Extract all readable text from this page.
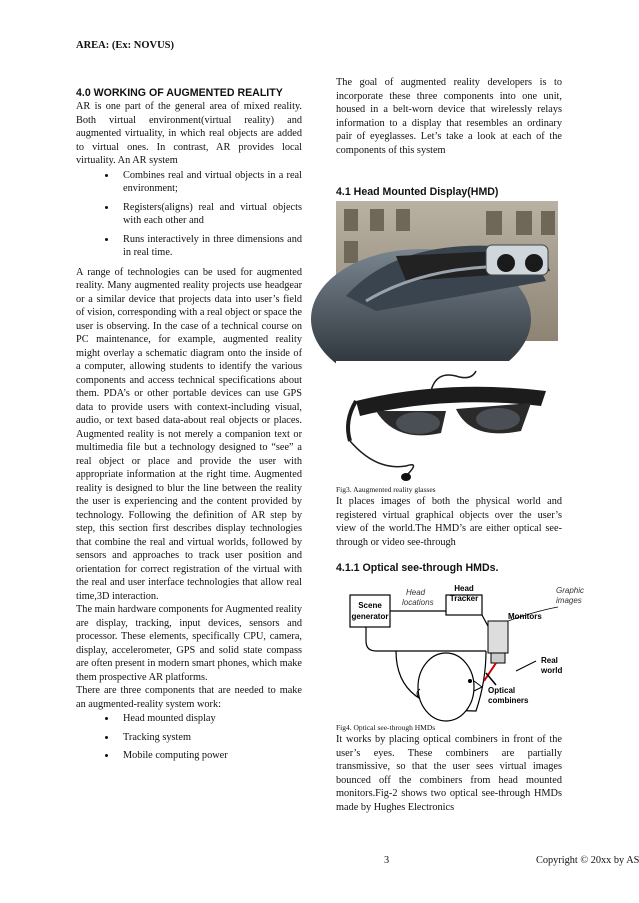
AREA: (Ex: NOVUS)

4.0 WORKING OF AUGMENTED REALITY

AR is one part of the general area of mixed reality. Both virtual environment(virtual reality) and augmented virtuality, in which real objects are added to virtual ones. In contrast, AR provides local virtuality. An AR system

• Combines real and virtual objects in a real environment;
• Registers(aligns) real and virtual objects with each other and
• Runs interactively in three dimensions and in real time.

A range of technologies can be used for augmented reality. Many augmented reality projects use headgear or a similar device that projects data into user’s field of vision, corresponding with a real object or space the user is observing. In the case of a technical course on PC maintenance, for example, augmented reality might overlay a schematic diagram onto the inside of a computer, allowing students to identify the various components and access technical specifications about them. PDA’s or other portable devices can use GPS data to provide users with context-including visual, audio, or text based data-about real objects or places. Augmented reality is not merely a companion text or multimedia file but a technology designed to “see” a real object or place and provide the user with appropriate information at the right time. Augmented reality is designed to blur the line between the reality the user is experiencing and the content provided by technology. Following the definition of AR step by step, this section first describes display technologies that combine the real and virtual worlds, followed by sensors and approaches to track user position and orientation for correct registration of the virtual with the real and user interface technologies that allow real time,3D interaction.

The main hardware components for Augmented reality are display, tracking, input devices, sensors and processor. These elements, specifically CPU, camera, display, accelerometer, GPS and solid state compass are often present in modern smart phones, which make them prospective AR platforms.

There are three components that are needed to make an augmented-reality system work:

• Head mounted display
• Tracking system
• Mobile computing power

The goal of augmented reality developers is to incorporate these three components into one unit, housed in a belt-worn device that wirelessly relays information to a display that resembles an ordinary pair of eyeglasses. Let’s take a look at each of the components of this system

4.1 Head Mounted Display(HMD)

Fig3. Aaugmented reality glasses

It places images of both the physical world and registered virtual graphical objects over the user’s view of the world.The HMD’s are either optical see-through or video see-through

4.1.1 Optical see-through HMDs.

Scene
generator
Head
locations
Head
Tracker
Monitors
Graphic
images
Real
world
Optical
combiners
Fig4. Optical see-through HMDs

It works by placing optical combiners in front of the user’s eyes. These combiners are partially transmissive, so that the user sees virtual images bounced off the combiners from head mounted monitors.Fig-2 shows two optical see-through HMDs made by Hughes Electronics

3	Copyright © 20xx by AS
